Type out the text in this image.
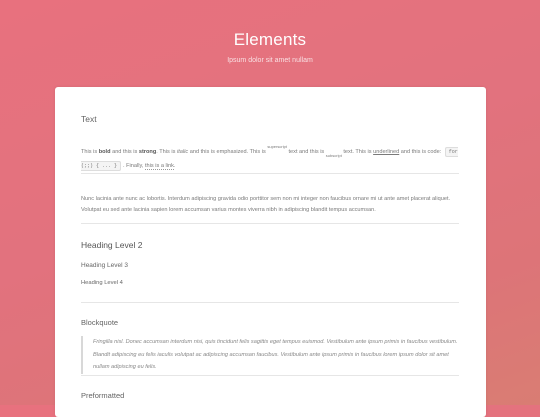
Elements

Ipsum dolor sit amet nullam

Text

This is bold and this is strong. This is italic and this is emphasized. This is $^{superscript}$ text and this is $_{subscript}$ text. This is underlined and this is code: for (;;) { ... } . Finally, this is a link.

Nunc lacinia ante nunc ac lobortis. Interdum adipiscing gravida odio porttitor sem non mi integer non faucibus ornare mi ut ante amet placerat aliquet. Volutpat eu sed ante lacinia sapien lorem accumsan varius montes viverra nibh in adipiscing blandit tempus accumsan.

Heading Level 2
Heading Level 3
Heading Level 4
Blockquote
Fringilla nisl. Donec accumsan interdum nisi, quis tincidunt felis sagittis eget tempus euismod. Vestibulum ante ipsum primis in faucibus vestibulum. Blandit adipiscing eu felis iaculis volutpat ac adipiscing accumsan faucibus. Vestibulum ante ipsum primis in faucibus lorem ipsum dolor sit amet nullam adipiscing eu felis.
Preformatted
